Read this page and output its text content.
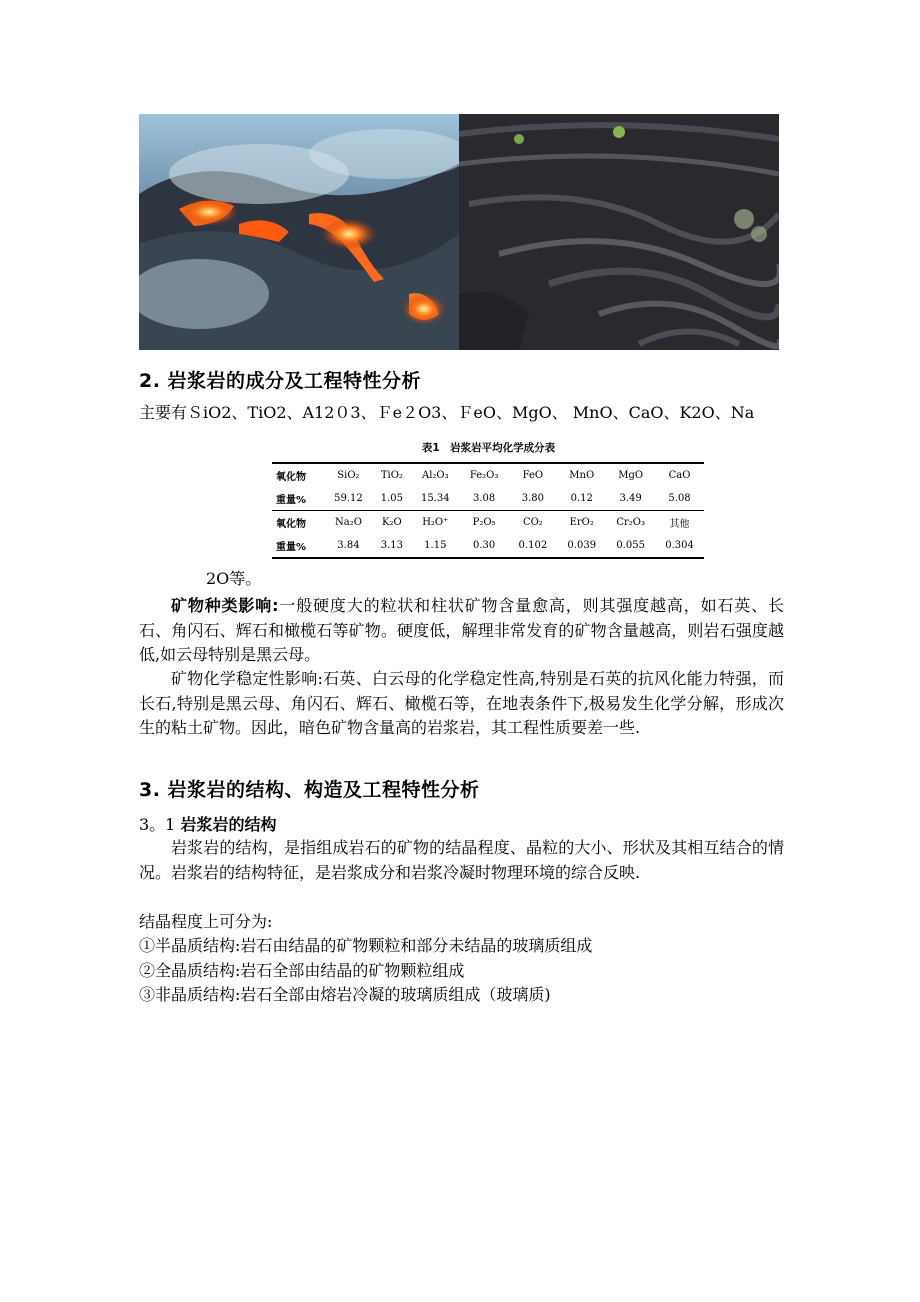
2. 岩浆岩的成分及工程特性分析

主要有ＳiO2、TiO2、A12０3、Ｆe２O3、ＦeO、MgO、 MnO、CaO、K2O、Na

表1　岩浆岩平均化学成分表
氧化物	SiO₂	TiO₂	Al₂O₃	Fe₂O₃	FeO	MnO	MgO	CaO
重量%	59.12	1.05	15.34	3.08	3.80	0.12	3.49	5.08
氧化物	Na₂O	K₂O	H₂O⁺	P₂O₅	CO₂	ErO₂	Cr₂O₃	其他
重量%	3.84	3.13	1.15	0.30	0.102	0.039	0.055	0.304
2O等。

矿物种类影响:一般硬度大的粒状和柱状矿物含量愈高，则其强度越高，如石英、长石、角闪石、辉石和橄榄石等矿物。硬度低，解理非常发育的矿物含量越高，则岩石强度越低,如云母特别是黑云母。

矿物化学稳定性影响:石英、白云母的化学稳定性高,特别是石英的抗风化能力特强，而长石,特别是黑云母、角闪石、辉石、橄榄石等，在地表条件下,极易发生化学分解，形成次生的粘土矿物。因此，暗色矿物含量高的岩浆岩，其工程性质要差一些.

3. 岩浆岩的结构、构造及工程特性分析

3。1 岩浆岩的结构

岩浆岩的结构，是指组成岩石的矿物的结晶程度、晶粒的大小、形状及其相互结合的情况。岩浆岩的结构特征，是岩浆成分和岩浆冷凝时物理环境的综合反映.

结晶程度上可分为:

①半晶质结构:岩石由结晶的矿物颗粒和部分未结晶的玻璃质组成

②全晶质结构:岩石全部由结晶的矿物颗粒组成

③非晶质结构:岩石全部由熔岩冷凝的玻璃质组成（玻璃质)
